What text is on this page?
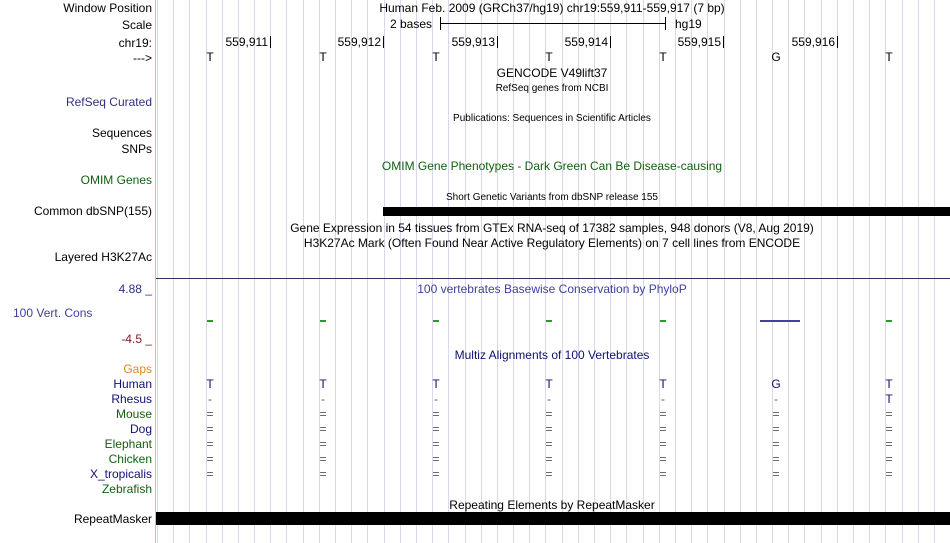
Window Position
Scale
chr19:
--->
Human Feb. 2009 (GRCh37/hg19) chr19:559,911-559,917 (7 bp)
2 bases	hg19
559,911	559,912	559,913	559,914	559,915	559,916
T	T	T	T	T	G	T
GENCODE V49lift37
RefSeq genes from NCBI
RefSeq Curated
Publications: Sequences in Scientific Articles
Sequences
SNPs
OMIM Gene Phenotypes - Dark Green Can Be Disease-causing
OMIM Genes
Short Genetic Variants from dbSNP release 155
Common dbSNP(155)
Gene Expression in 54 tissues from GTEx RNA-seq of 17382 samples, 948 donors (V8, Aug 2019)
H3K27Ac Mark (Often Found Near Active Regulatory Elements) on 7 cell lines from ENCODE
Layered H3K27Ac
4.88 _	100 vertebrates Basewise Conservation by PhyloP
100 Vert. Cons
-4.5 _
Multiz Alignments of 100 Vertebrates
Gaps
Human	T	T	T	T	T	G	T
Rhesus	-	-	-	-	-	-	T
Mouse	=	=	=	=	=	=	=
Dog	=	=	=	=	=	=	=
Elephant	=	=	=	=	=	=	=
Chicken	=	=	=	=	=	=	=
X_tropicalis	=	=	=	=	=	=	=
Zebrafish
Repeating Elements by RepeatMasker
RepeatMasker
